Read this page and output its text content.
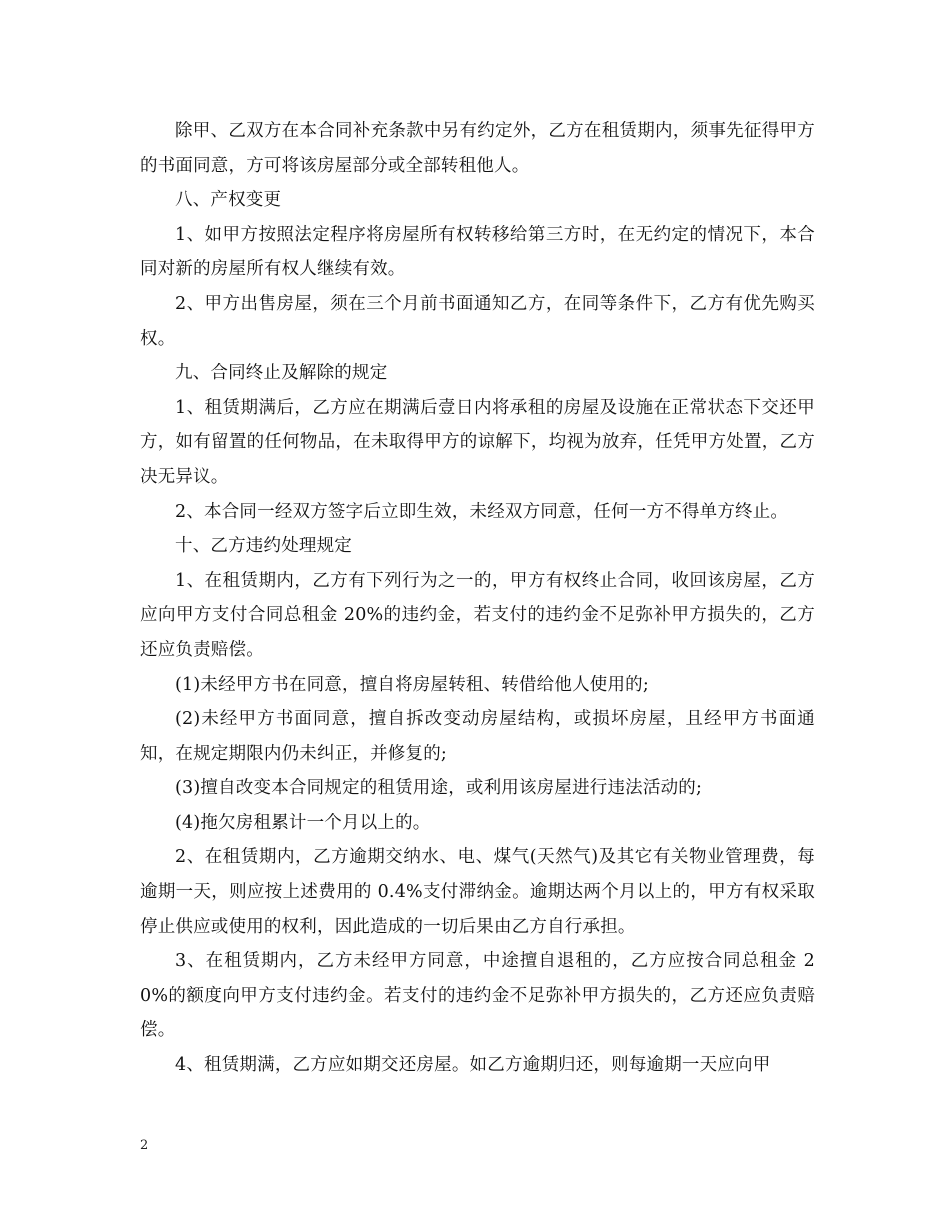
除甲、乙双方在本合同补充条款中另有约定外，乙方在租赁期内，须事先征得甲方的书面同意，方可将该房屋部分或全部转租他人。

八、产权变更

1、如甲方按照法定程序将房屋所有权转移给第三方时，在无约定的情况下，本合同对新的房屋所有权人继续有效。

2、甲方出售房屋，须在三个月前书面通知乙方，在同等条件下，乙方有优先购买权。

九、合同终止及解除的规定

1、租赁期满后，乙方应在期满后壹日内将承租的房屋及设施在正常状态下交还甲方，如有留置的任何物品，在未取得甲方的谅解下，均视为放弃，任凭甲方处置，乙方决无异议。

2、本合同一经双方签字后立即生效，未经双方同意，任何一方不得单方终止。

十、乙方违约处理规定

1、在租赁期内，乙方有下列行为之一的，甲方有权终止合同，收回该房屋，乙方应向甲方支付合同总租金 20%的违约金，若支付的违约金不足弥补甲方损失的，乙方还应负责赔偿。

(1)未经甲方书在同意，擅自将房屋转租、转借给他人使用的;

(2)未经甲方书面同意，擅自拆改变动房屋结构，或损坏房屋，且经甲方书面通知，在规定期限内仍未纠正，并修复的;

(3)擅自改变本合同规定的租赁用途，或利用该房屋进行违法活动的;

(4)拖欠房租累计一个月以上的。

2、在租赁期内，乙方逾期交纳水、电、煤气(天然气)及其它有关物业管理费，每逾期一天，则应按上述费用的 0.4%支付滞纳金。逾期达两个月以上的，甲方有权采取停止供应或使用的权利，因此造成的一切后果由乙方自行承担。

3、在租赁期内，乙方未经甲方同意，中途擅自退租的，乙方应按合同总租金 20%的额度向甲方支付违约金。若支付的违约金不足弥补甲方损失的，乙方还应负责赔偿。

4、租赁期满，乙方应如期交还房屋。如乙方逾期归还，则每逾期一天应向甲

2
